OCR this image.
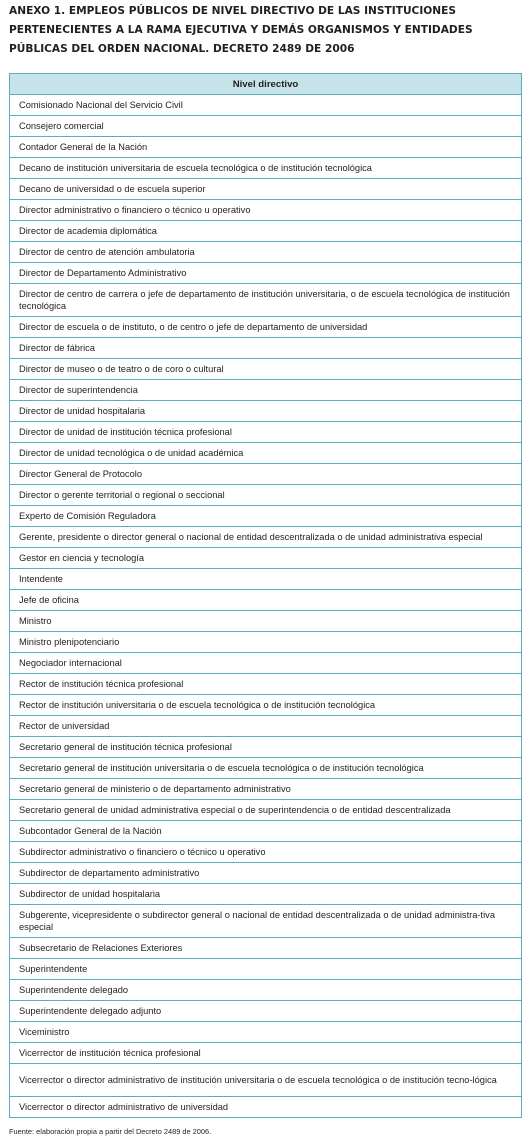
ANEXO 1. EMPLEOS PÚBLICOS DE NIVEL DIRECTIVO DE LAS INSTITUCIONES
PERTENECIENTES A LA RAMA EJECUTIVA Y DEMÁS ORGANISMOS Y ENTIDADES
PÚBLICAS DEL ORDEN NACIONAL. DECRETO 2489 DE 2006
Nivel directivo
Comisionado Nacional del Servicio Civil
Consejero comercial
Contador General de la Nación
Decano de institución universitaria de escuela tecnológica o de institución tecnológica
Decano de universidad o de escuela superior
Director administrativo o financiero o técnico u operativo
Director de academia diplomática
Director de centro de atención ambulatoria
Director de Departamento Administrativo
Director de centro de carrera o jefe de departamento de institución universitaria, o de escuela tecnológica de institución tecnológica
Director de escuela o de instituto, o de centro o jefe de departamento de universidad
Director de fábrica
Director de museo o de teatro o de coro o cultural
Director de superintendencia
Director de unidad hospitalaria
Director de unidad de institución técnica profesional
Director de unidad tecnológica o de unidad académica
Director General de Protocolo
Director o gerente territorial o regional o seccional
Experto de Comisión Reguladora
Gerente, presidente o director general o nacional de entidad descentralizada o de unidad administrativa especial
Gestor en ciencia y tecnología
Intendente
Jefe de oficina
Ministro
Ministro plenipotenciario
Negociador internacional
Rector de institución técnica profesional
Rector de institución universitaria o de escuela tecnológica o de institución tecnológica
Rector de universidad
Secretario general de institución técnica profesional
Secretario general de institución universitaria o de escuela tecnológica o de institución tecnológica
Secretario general de ministerio o de departamento administrativo
Secretario general de unidad administrativa especial o de superintendencia o de entidad descentralizada
Subcontador General de la Nación
Subdirector administrativo o financiero o técnico u operativo
Subdirector de departamento administrativo
Subdirector de unidad hospitalaria
Subgerente, vicepresidente o subdirector general o nacional de entidad descentralizada o de unidad administra-tiva especial
Subsecretario de Relaciones Exteriores
Superintendente
Superintendente delegado
Superintendente delegado adjunto
Viceministro
Vicerrector de institución técnica profesional
Vicerrector o director administrativo de institución universitaria o de escuela tecnológica o de institución tecno-lógica
Vicerrector o director administrativo de universidad
Fuente: elaboración propia a partir del Decreto 2489 de 2006.
